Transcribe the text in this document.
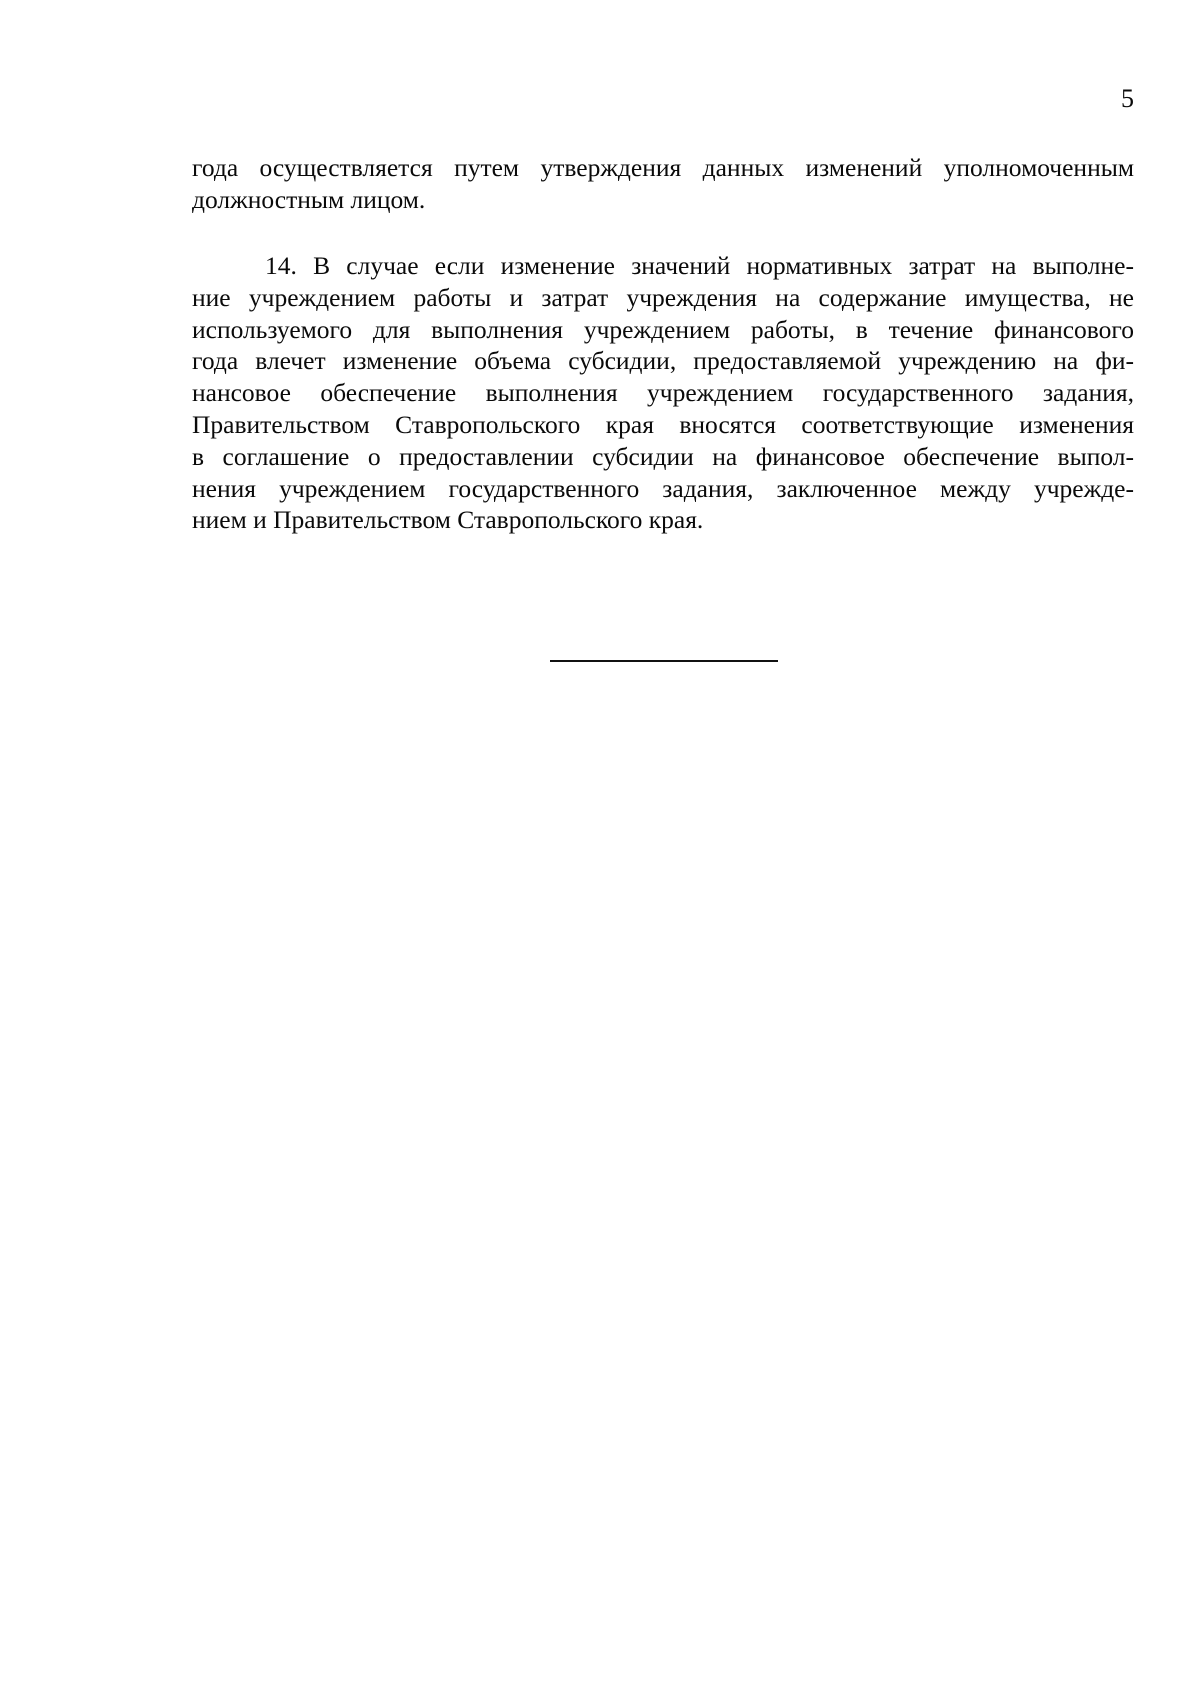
5
года осуществляется путем утверждения данных изменений уполномоченным
должностным лицом.
14. В случае если изменение значений нормативных затрат на выполне-
ние учреждением работы и затрат учреждения на содержание имущества, не
используемого для выполнения учреждением работы, в течение финансового
года влечет изменение объема субсидии, предоставляемой учреждению на фи-
нансовое обеспечение выполнения учреждением государственного задания,
Правительством Ставропольского края вносятся соответствующие изменения
в соглашение о предоставлении субсидии на финансовое обеспечение выпол-
нения учреждением государственного задания, заключенное между учрежде-
нием и Правительством Ставропольского края.
